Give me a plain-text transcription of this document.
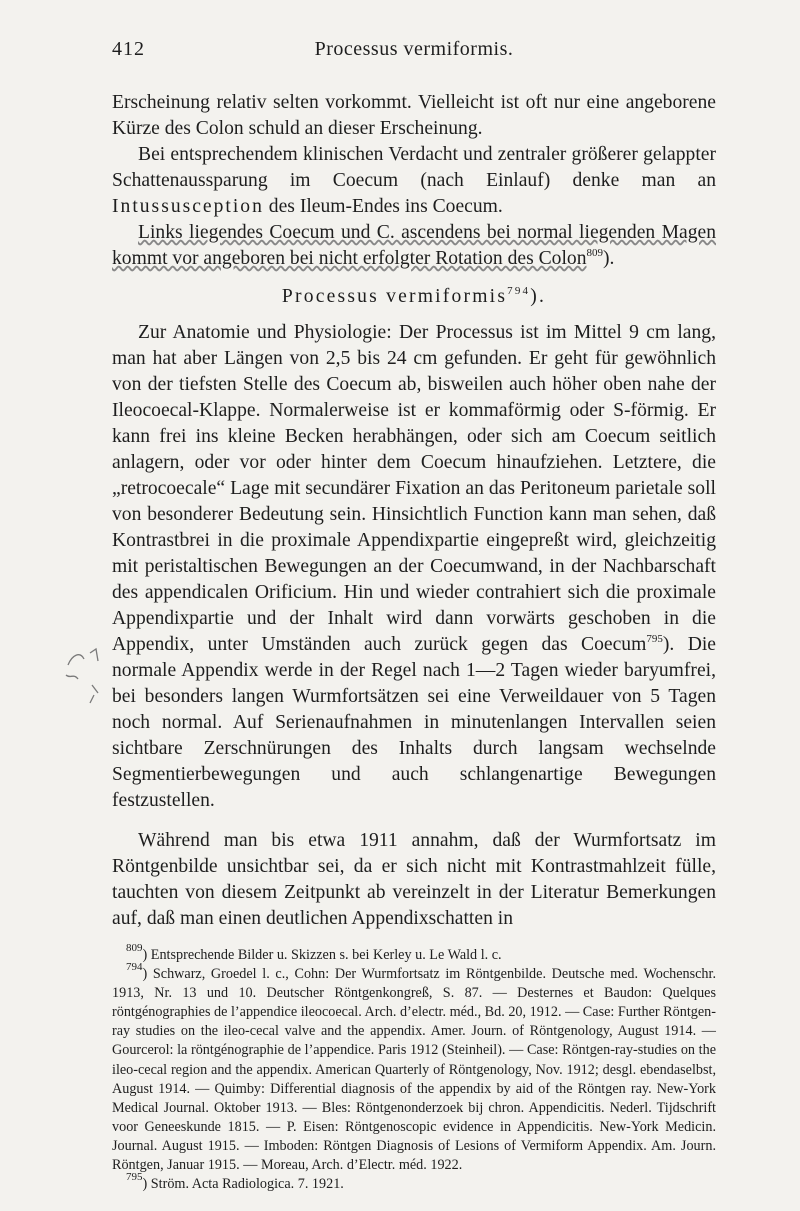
412	Processus vermiformis.

Erscheinung relativ selten vorkommt. Vielleicht ist oft nur eine angeborene Kürze des Colon schuld an dieser Erscheinung.

Bei entsprechendem klinischen Verdacht und zentraler größerer gelappter Schattenaussparung im Coecum (nach Einlauf) denke man an Intussusception des Ileum-Endes ins Coecum.

Links liegendes Coecum und C. ascendens bei normal liegenden Magen kommt vor angeboren bei nicht erfolgter Rotation des Colon$^{809}$).

Processus vermiformis$^{794}$).

Zur Anatomie und Physiologie: Der Processus ist im Mittel 9 cm lang, man hat aber Längen von 2,5 bis 24 cm gefunden. Er geht für gewöhnlich von der tiefsten Stelle des Coecum ab, bisweilen auch höher oben nahe der Ileocoecal-Klappe. Normalerweise ist er kommaförmig oder S-förmig. Er kann frei ins kleine Becken herabhängen, oder sich am Coecum seitlich anlagern, oder vor oder hinter dem Coecum hinaufziehen. Letztere, die „retrocoecale“ Lage mit secundärer Fixation an das Peritoneum parietale soll von besonderer Bedeutung sein. Hinsichtlich Function kann man sehen, daß Kontrastbrei in die proximale Appendixpartie eingepreßt wird, gleichzeitig mit peristaltischen Bewegungen an der Coecumwand, in der Nachbarschaft des appendicalen Orificium. Hin und wieder contrahiert sich die proximale Appendixpartie und der Inhalt wird dann vorwärts geschoben in die Appendix, unter Umständen auch zurück gegen das Coecum$^{795}$). Die normale Appendix werde in der Regel nach 1—2 Tagen wieder baryumfrei, bei besonders langen Wurmfortsätzen sei eine Verweildauer von 5 Tagen noch normal. Auf Serienaufnahmen in minutenlangen Intervallen seien sichtbare Zerschnürungen des Inhalts durch langsam wechselnde Segmentierbewegungen und auch schlangenartige Bewegungen festzustellen.

Während man bis etwa 1911 annahm, daß der Wurmfortsatz im Röntgenbilde unsichtbar sei, da er sich nicht mit Kontrastmahlzeit fülle, tauchten von diesem Zeitpunkt ab vereinzelt in der Literatur Bemerkungen auf, daß man einen deutlichen Appendixschatten in

$^{809}$) Entsprechende Bilder u. Skizzen s. bei Kerley u. Le Wald l. c.

$^{794}$) Schwarz, Groedel l. c., Cohn: Der Wurmfortsatz im Röntgenbilde. Deutsche med. Wochenschr. 1913, Nr. 13 und 10. Deutscher Röntgenkongreß, S. 87. — Desternes et Baudon: Quelques röntgénographies de l’appendice ileocoecal. Arch. d’electr. méd., Bd. 20, 1912. — Case: Further Röntgen-ray studies on the ileo-cecal valve and the appendix. Amer. Journ. of Röntgenology, August 1914. — Gourcerol: la röntgénographie de l’appendice. Paris 1912 (Steinheil). — Case: Röntgen-ray-studies on the ileo-cecal region and the appendix. American Quarterly of Röntgenology, Nov. 1912; desgl. ebendaselbst, August 1914. — Quimby: Differential diagnosis of the appendix by aid of the Röntgen ray. New-York Medical Journal. Oktober 1913. — Bles: Röntgenonderzoek bij chron. Appendicitis. Nederl. Tijdschrift voor Geneeskunde 1815. — P. Eisen: Röntgenoscopic evidence in Appendicitis. New-York Medicin. Journal. August 1915. — Imboden: Röntgen Diagnosis of Lesions of Vermiform Appendix. Am. Journ. Röntgen, Januar 1915. — Moreau, Arch. d’Electr. méd. 1922.

$^{795}$) Ström. Acta Radiologica. 7. 1921.
